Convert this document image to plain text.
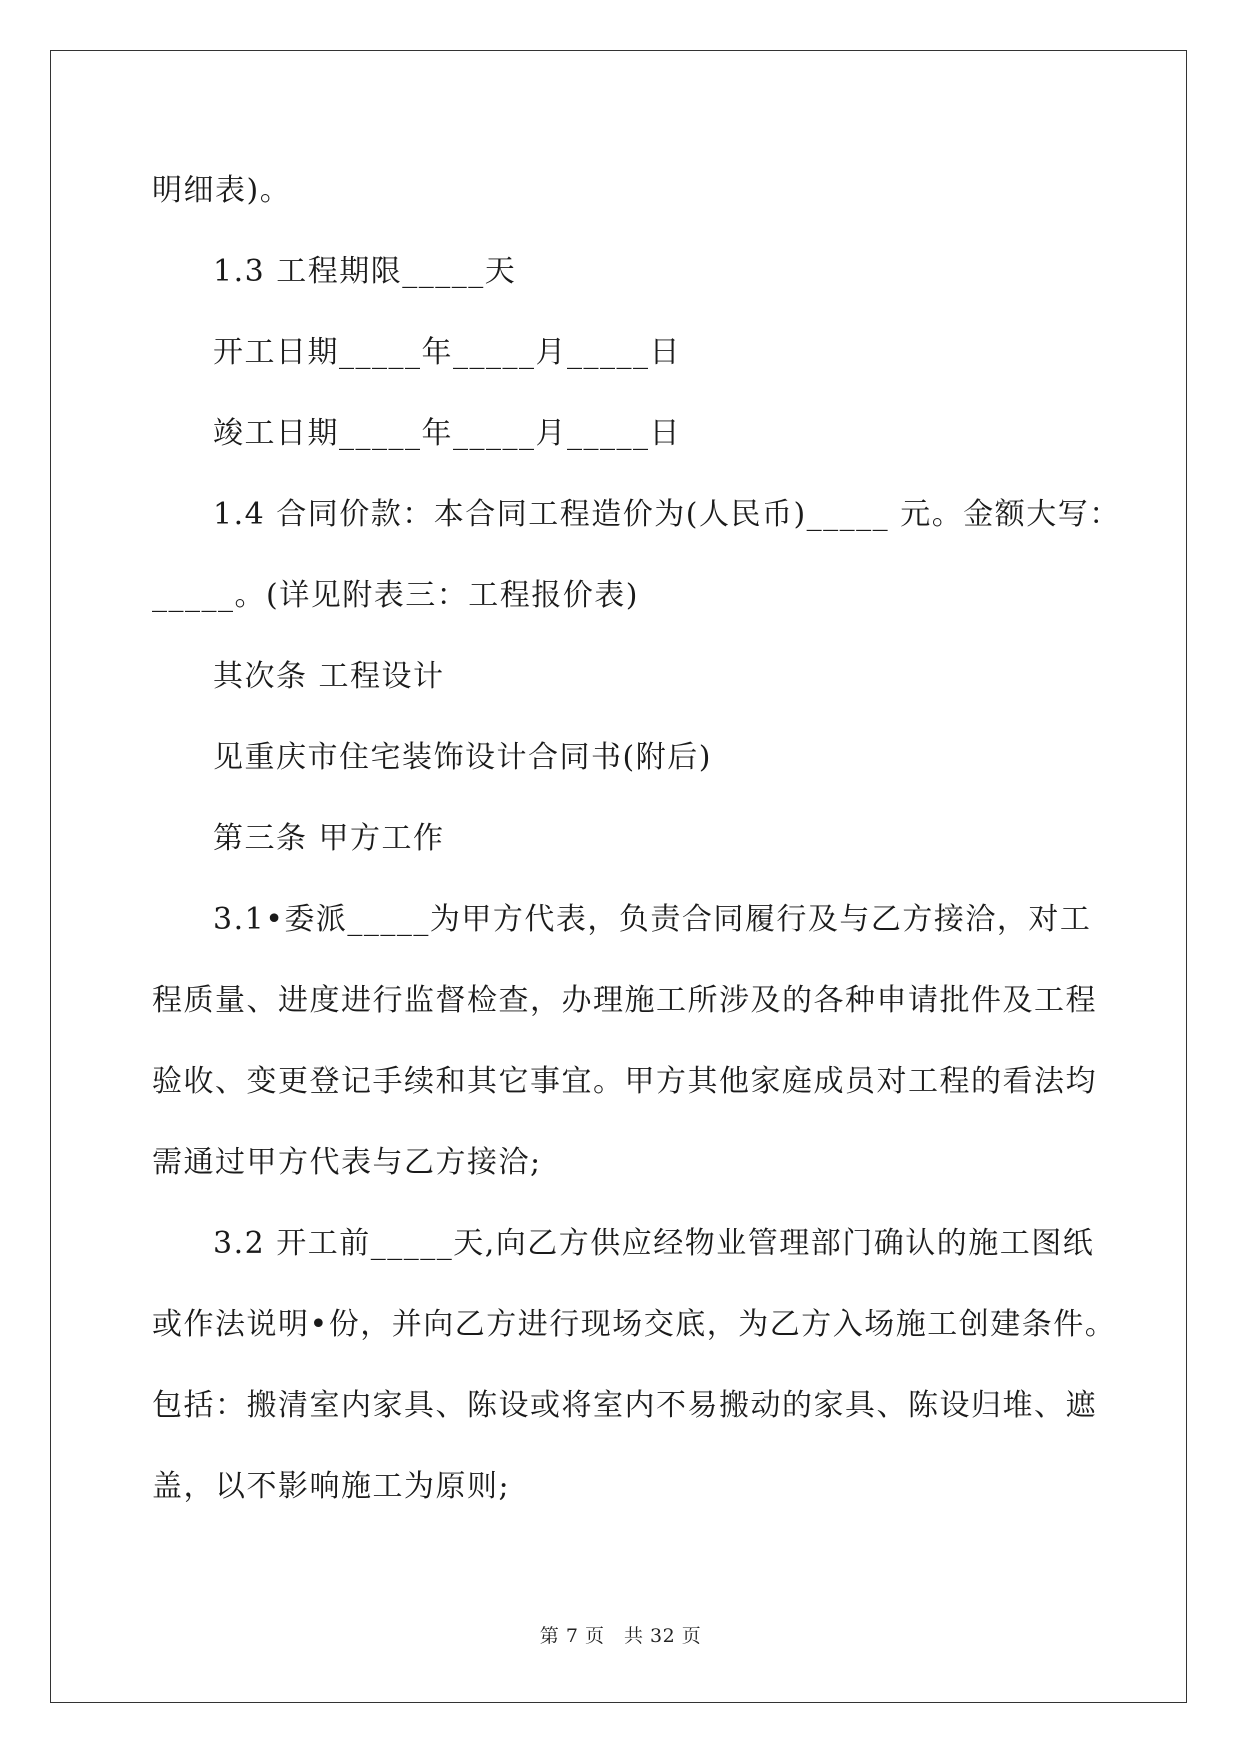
明细表)。
1.3 工程期限_____天
开工日期_____年_____月_____日
竣工日期_____年_____月_____日
1.4 合同价款：本合同工程造价为(人民币)_____ 元。金额大写：
_____。(详见附表三：工程报价表)
其次条 工程设计
见重庆市住宅装饰设计合同书(附后)
第三条 甲方工作
3.1•委派_____为甲方代表，负责合同履行及与乙方接洽，对工
程质量、进度进行监督检查，办理施工所涉及的各种申请批件及工程
验收、变更登记手续和其它事宜。甲方其他家庭成员对工程的看法均
需通过甲方代表与乙方接洽;
3.2 开工前_____天,向乙方供应经物业管理部门确认的施工图纸
或作法说明•份，并向乙方进行现场交底，为乙方入场施工创建条件。
包括：搬清室内家具、陈设或将室内不易搬动的家具、陈设归堆、遮
盖，以不影响施工为原则;
第 7 页　共 32 页
